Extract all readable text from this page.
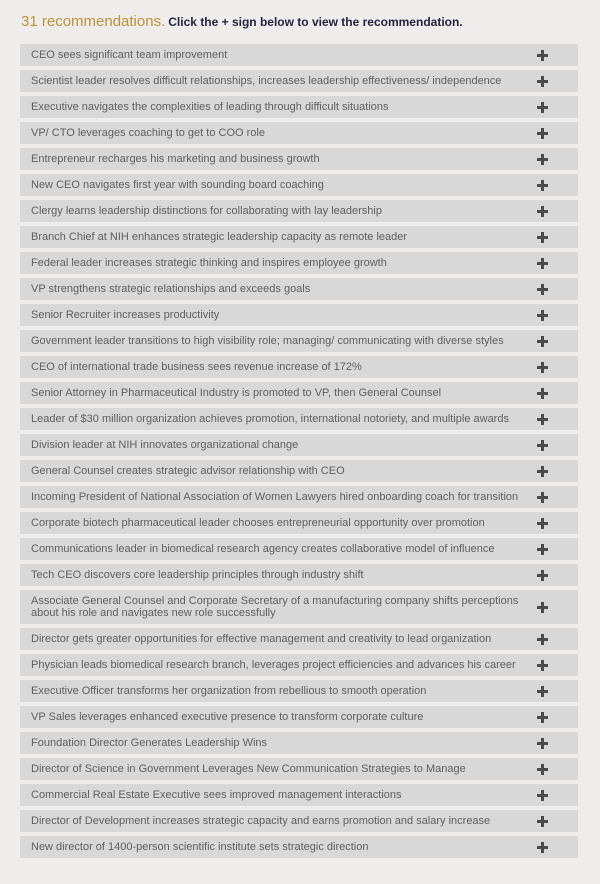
31 recommendations. Click the + sign below to view the recommendation.
CEO sees significant team improvement
Scientist leader resolves difficult relationships, increases leadership effectiveness/ independence
Executive navigates the complexities of leading through difficult situations
VP/ CTO leverages coaching to get to COO role
Entrepreneur recharges his marketing and business growth
New CEO navigates first year with sounding board coaching
Clergy learns leadership distinctions for collaborating with lay leadership
Branch Chief at NIH enhances strategic leadership capacity as remote leader
Federal leader increases strategic thinking and inspires employee growth
VP strengthens strategic relationships and exceeds goals
Senior Recruiter increases productivity
Government leader transitions to high visibility role; managing/ communicating with diverse styles
CEO of international trade business sees revenue increase of 172%
Senior Attorney in Pharmaceutical Industry is promoted to VP, then General Counsel
Leader of $30 million organization achieves promotion, international notoriety, and multiple awards
Division leader at NIH innovates organizational change
General Counsel creates strategic advisor relationship with CEO
Incoming President of National Association of Women Lawyers hired onboarding coach for transition
Corporate biotech pharmaceutical leader chooses entrepreneurial opportunity over promotion
Communications leader in biomedical research agency creates collaborative model of influence
Tech CEO discovers core leadership principles through industry shift
Associate General Counsel and Corporate Secretary of a manufacturing company shifts perceptions about his role and navigates new role successfully
Director gets greater opportunities for effective management and creativity to lead organization
Physician leads biomedical research branch, leverages project efficiencies and advances his career
Executive Officer transforms her organization from rebellious to smooth operation
VP Sales leverages enhanced executive presence to transform corporate culture
Foundation Director Generates Leadership Wins
Director of Science in Government Leverages New Communication Strategies to Manage
Commercial Real Estate Executive sees improved management interactions
Director of Development increases strategic capacity and earns promotion and salary increase
New director of 1400-person scientific institute sets strategic direction
